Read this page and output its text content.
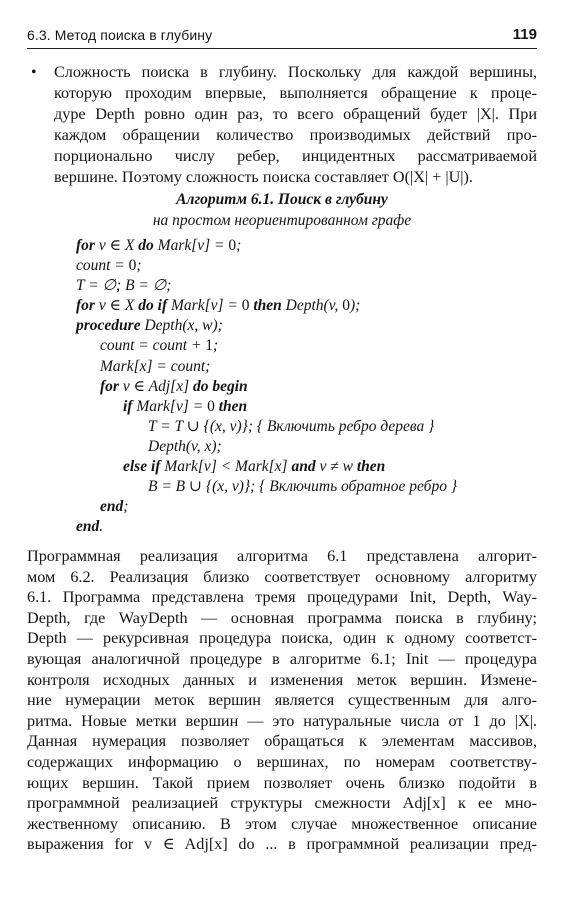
6.3. Метод поиска в глубину	119
• Сложность поиска в глубину. Поскольку для каждой вершины,
которую проходим впервые, выполняется обращение к проце-
дуре Depth ровно один раз, то всего обращений будет |X|. При
каждом обращении количество производимых действий про-
порционально числу ребер, инцидентных рассматриваемой
вершине. Поэтому сложность поиска составляет O(|X| + |U|).
Алгоритм 6.1. Поиск в глубину
на простом неориентированном графе
for v ∈ X do Mark[v] = 0;
count = 0;
T = ∅; B = ∅;
for v ∈ X do if Mark[v] = 0 then Depth(v, 0);
procedure Depth(x, w);
count = count + 1;
Mark[x] = count;
for v ∈ Adj[x] do begin
if Mark[v] = 0 then
T = T ∪ {(x, v)}; { Включить ребро дерева }
Depth(v, x);
else if Mark[v] < Mark[x] and v ≠ w then
B = B ∪ {(x, v)}; { Включить обратное ребро }
end;
end.
Программная реализация алгоритма 6.1 представлена алгорит-
мом 6.2. Реализация близко соответствует основному алгоритму
6.1. Программа представлена тремя процедурами Init, Depth, Way-
Depth, где WayDepth — основная программа поиска в глубину;
Depth — рекурсивная процедура поиска, один к одному соответст-
вующая аналогичной процедуре в алгоритме 6.1; Init — процедура
контроля исходных данных и изменения меток вершин. Измене-
ние нумерации меток вершин является существенным для алго-
ритма. Новые метки вершин — это натуральные числа от 1 до |X|.
Данная нумерация позволяет обращаться к элементам массивов,
содержащих информацию о вершинах, по номерам соответству-
ющих вершин. Такой прием позволяет очень близко подойти в
программной реализацией структуры смежности Adj[x] к ее мно-
жественному описанию. В этом случае множественное описание
выражения for v ∈ Adj[x] do ... в программной реализации пред-
